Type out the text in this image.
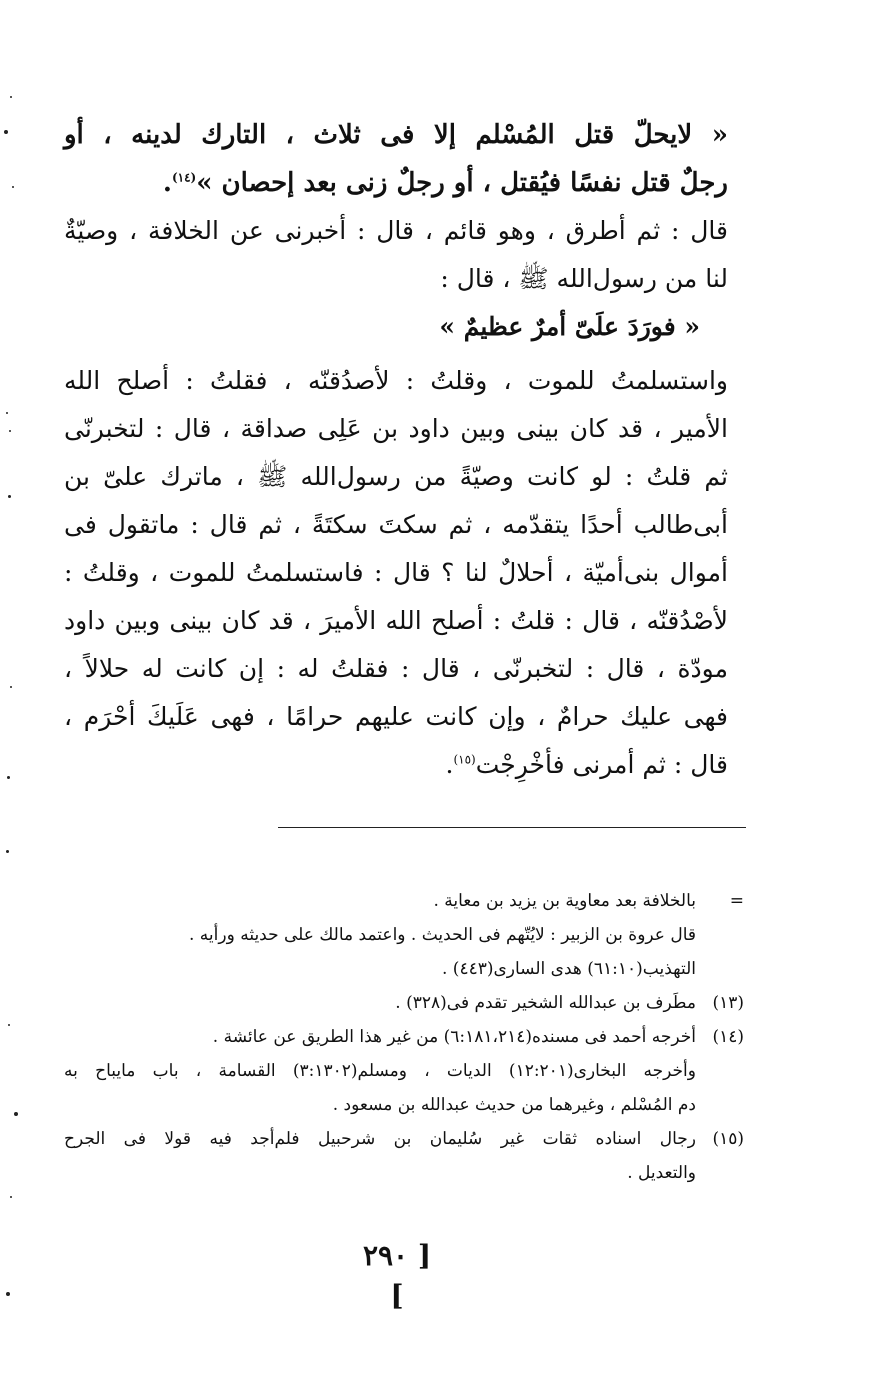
« لايحلّ قتل المُسْلم إلا فى ثلاث ، التارك لدينه ، أو
رجلٌ قتل نفسًا فيُقتل ، أو رجلٌ زنى بعد إحصان »$^{(١٤)}$.
قال : ثم أطرق ، وهو قائم ، قال : أخبرنى عن الخلافة ، وصيّةٌ
لنا من رسول‌الله ﷺ ، قال :
« فورَدَ علَىّ أمرٌ عظيمٌ »
واستسلمتُ للموت ، وقلتُ : لأصدُقنّه ، فقلتُ : أصلح الله
الأمير ، قد كان بينى وبين داود بن عَلِى صداقة ، قال : لتخبرنّى
ثم قلتُ : لو كانت وصيّةً من رسول‌الله ﷺ ، ماترك علىّ بن
أبى‌طالب أحدًا يتقدّمه ، ثم سكتَ سكتَةً ، ثم قال : ماتقول فى
أموال بنى‌أميّة ، أحلالٌ لنا ؟ قال : فاستسلمتُ للموت ، وقلتُ :
لأصْدُقنّه ، قال : قلتُ : أصلح الله الأميرَ ، قد كان بينى وبين داود
مودّة ، قال : لتخبرنّى ، قال : فقلتُ له : إن كانت له حلالاً ،
فهى عليك حرامٌ ، وإن كانت عليهم حرامًا ، فهى عَلَيكَ أحْرَم ،
قال : ثم أمرنى فأخْرِجْت$^{(١٥)}$.
=
بالخلافة بعد معاوية بن يزيد بن معاية .
قال عروة بن الزبير : لايُتّهم فى الحديث . واعتمد مالك على حديثه ورأيه .
التهذيب(٦١:١٠) هدى السارى(٤٤٣) .
(١٣)
مطَرف بن عبدالله الشخير تقدم فى(٣٢٨) .
(١٤)
أخرجه أحمد فى مسنده(٦:١٨١،٢١٤) من غير هذا الطريق عن عائشة .
وأخرجه البخارى(١٢:٢٠١) الديات ، ومسلم(٣:١٣٠٢) القسامة ، باب مايباح به
دم المُسْلم ، وغيرهما من حديث عبدالله بن مسعود .
(١٥)
رجال اسناده ثقات غير سُليمان بن شرحبيل فلم‌أجد فيه قولا فى الجرح
والتعديل .
[ ٢٩٠ ]
